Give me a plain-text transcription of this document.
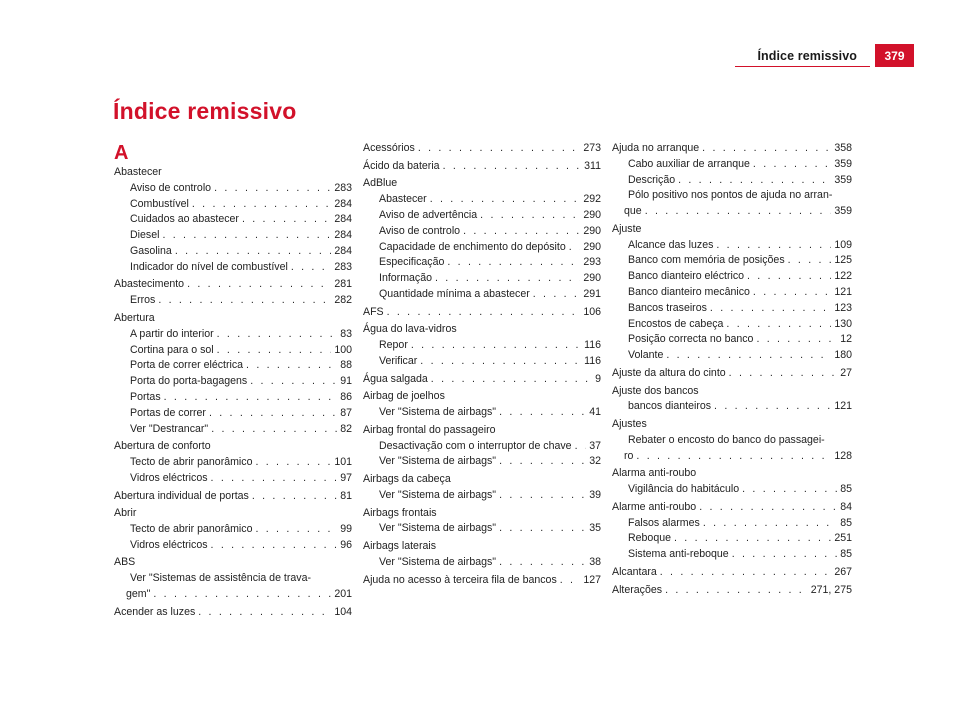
Índice remissivo	379
Índice remissivo
A
Abastecer
Aviso de controlo . . .	283
Combustível . . .	284
Cuidados ao abastecer . . .	284
Diesel . . .	284
Gasolina . . .	284
Indicador do nível de combustível . . .	283
Abastecimento . . .	281
Erros . . .	282
Abertura
A partir do interior . . .	83
Cortina para o sol . . .	100
Porta de correr eléctrica . . .	88
Porta do porta-bagagens . . .	91
Portas . . .	86
Portas de correr . . .	87
Ver "Destrancar" . . .	82
Abertura de conforto
Tecto de abrir panorâmico . . .	101
Vidros eléctricos . . .	97
Abertura individual de portas . . .	81
Abrir
Tecto de abrir panorâmico . . .	99
Vidros eléctricos . . .	96
ABS
Ver "Sistemas de assistência de trava-
gem" . . .	201
Acender as luzes . . .	104
Acessórios . . .	273
Ácido da bateria . . .	311
AdBlue
Abastecer . . .	292
Aviso de advertência . . .	290
Aviso de controlo . . .	290
Capacidade de enchimento do depósito . . . 290
Especificação . . .	293
Informação . . .	290
Quantidade mínima a abastecer . . .	291
AFS . . .	106
Água do lava-vidros
Repor . . .	116
Verificar . . .	116
Água salgada . . .	9
Airbag de joelhos
Ver "Sistema de airbags" . . .	41
Airbag frontal do passageiro
Desactivação com o interruptor de chave . . . 37
Ver "Sistema de airbags" . . .	32
Airbags da cabeça
Ver "Sistema de airbags" . . .	39
Airbags frontais
Ver "Sistema de airbags" . . .	35
Airbags laterais
Ver "Sistema de airbags" . . .	38
Ajuda no acesso à terceira fila de bancos . . .	127
Ajuda no arranque . . .	358
Cabo auxiliar de arranque . . .	359
Descrição . . .	359
Pólo positivo nos pontos de ajuda no arran-
que . . .	359
Ajuste
Alcance das luzes . . .	109
Banco com memória de posições . . .	125
Banco dianteiro eléctrico . . .	122
Banco dianteiro mecânico . . .	121
Bancos traseiros . . .	123
Encostos de cabeça . . .	130
Posição correcta no banco . . .	12
Volante . . .	180
Ajuste da altura do cinto . . .	27
Ajuste dos bancos
bancos dianteiros . . .	121
Ajustes
Rebater o encosto do banco do passagei-
ro . . .	128
Alarma anti-roubo
Vigilância do habitáculo . . .	85
Alarme anti-roubo . . .	84
Falsos alarmes . . .	85
Reboque . . .	251
Sistema anti-reboque . . .	85
Alcantara . . .	267
Alterações . . .	271, 275
